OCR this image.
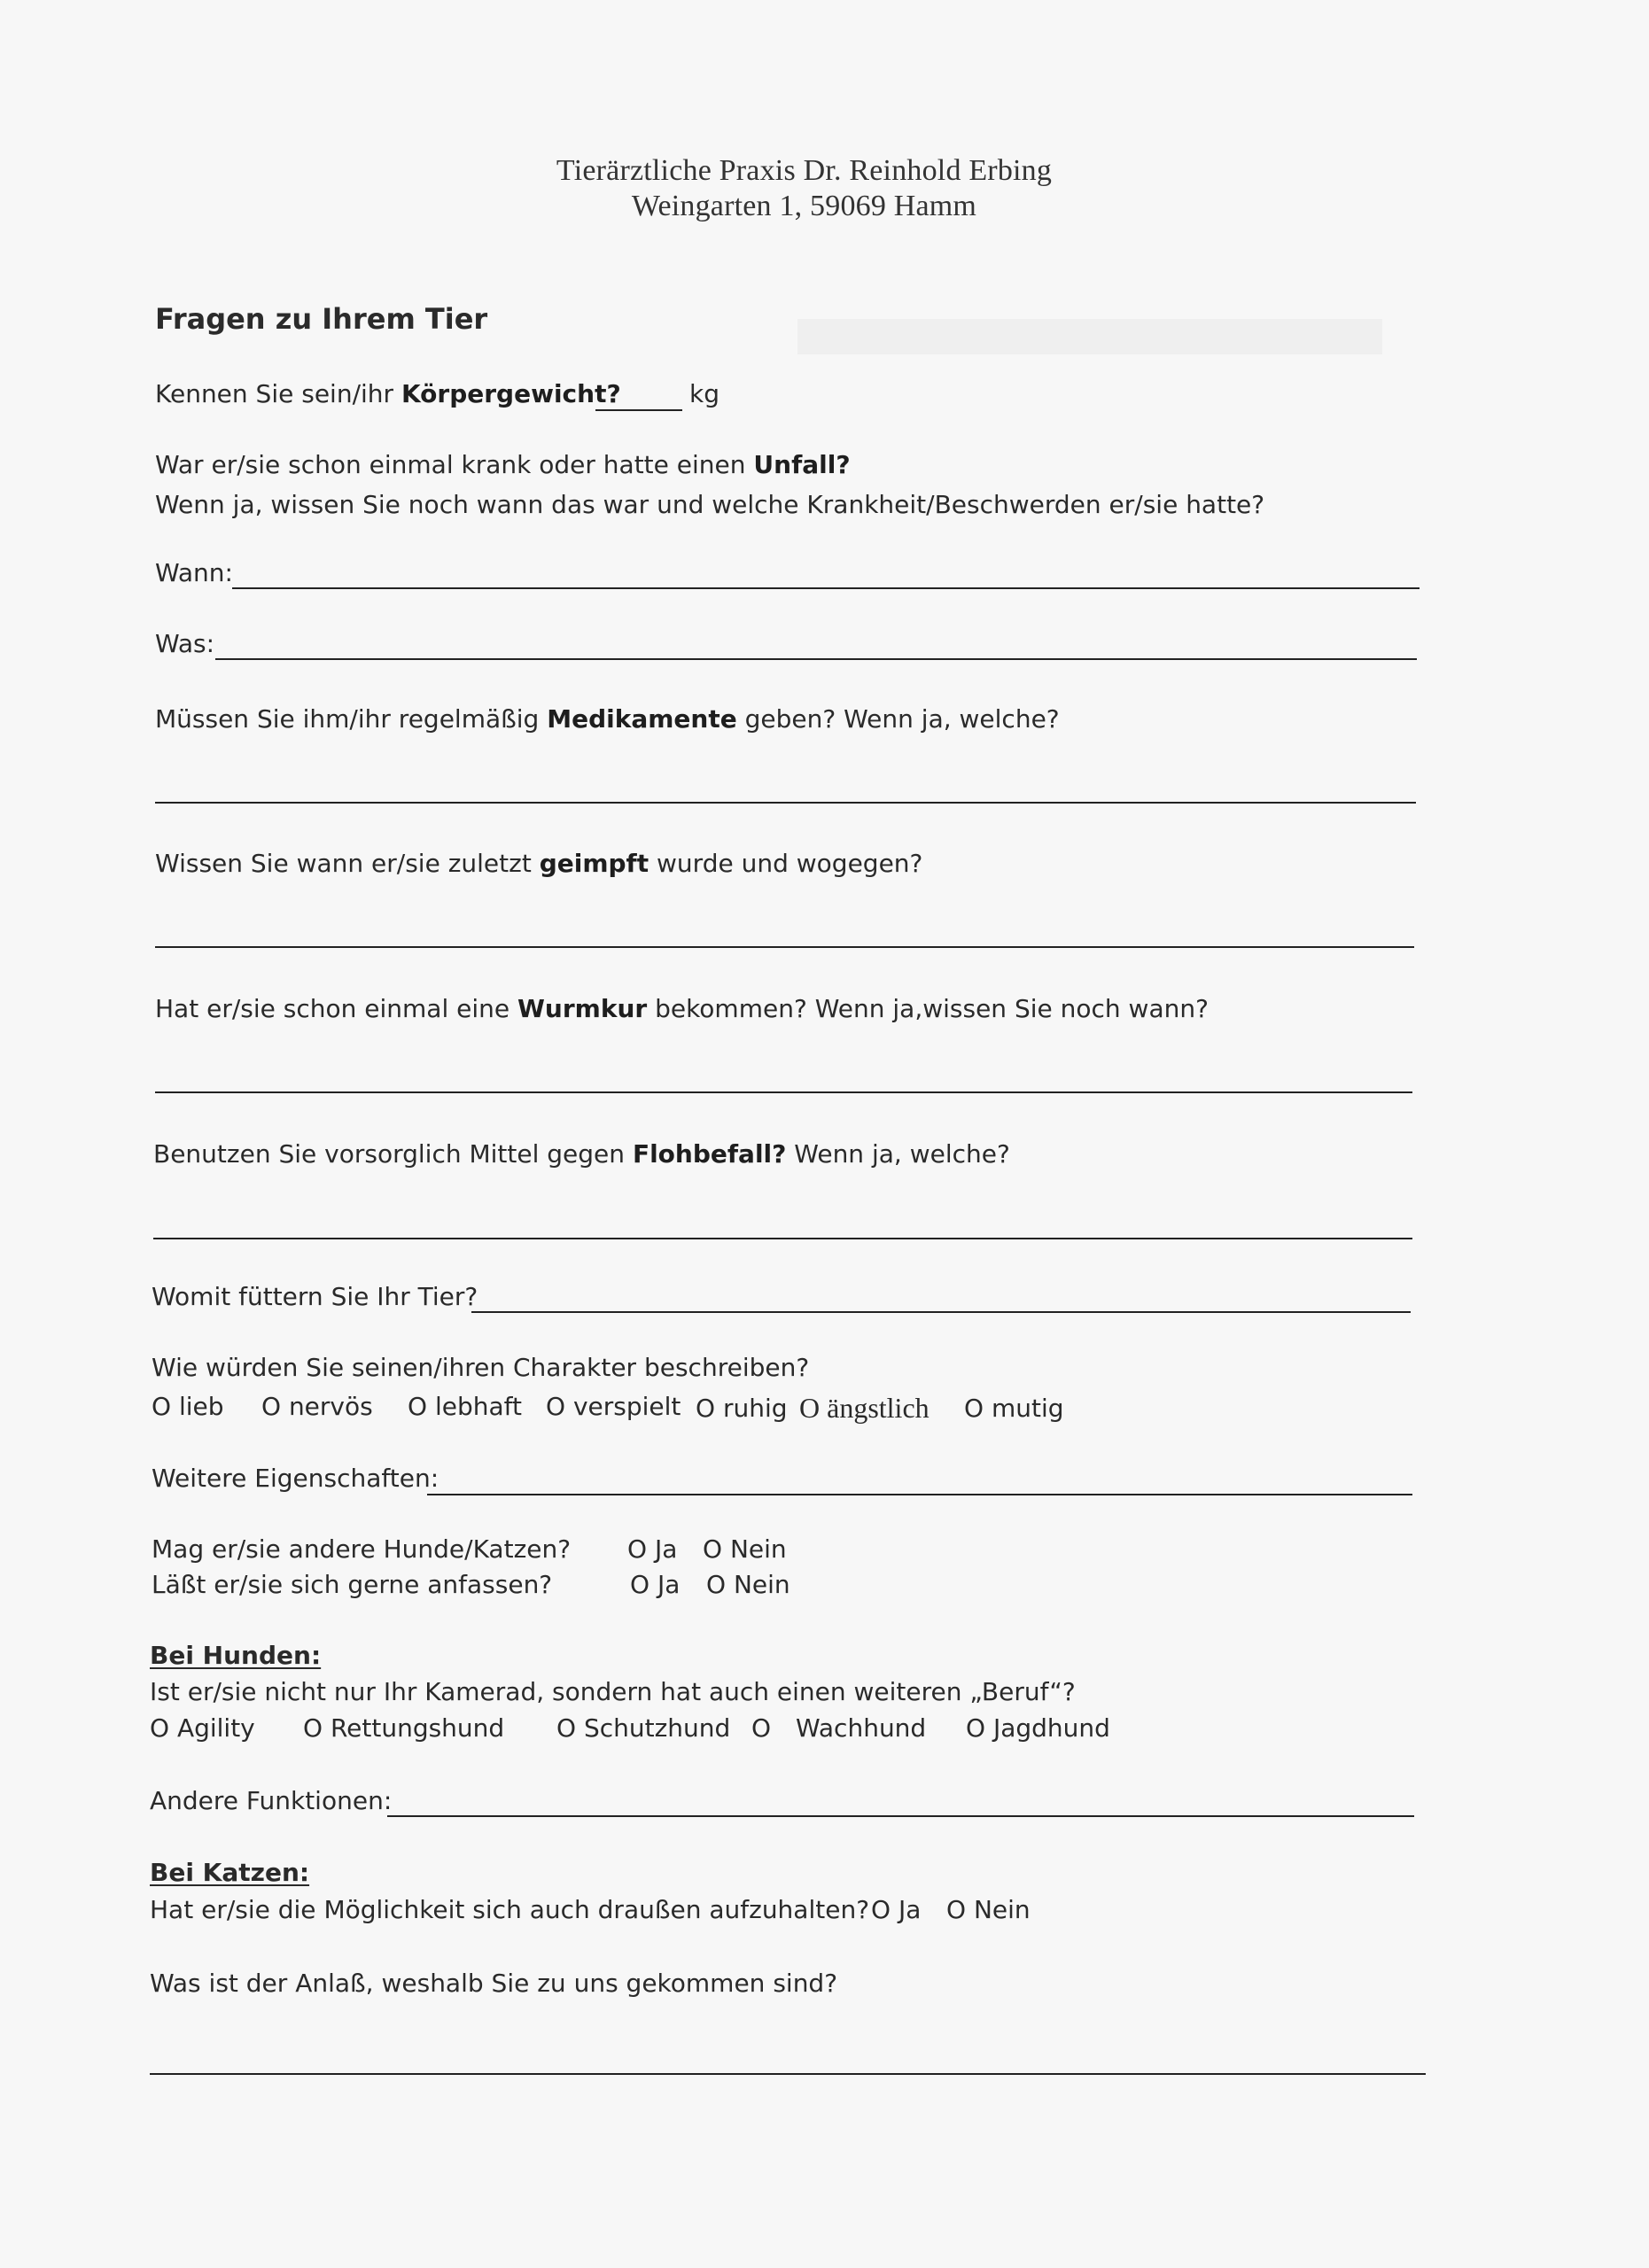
Tierärztliche Praxis Dr. Reinhold Erbing
Weingarten 1, 59069 Hamm
Fragen zu Ihrem Tier
Kennen Sie sein/ihr Körpergewicht?	kg
War er/sie schon einmal krank oder hatte einen Unfall?
Wenn ja, wissen Sie noch wann das war und welche Krankheit/Beschwerden er/sie hatte?
Wann:
Was:
Müssen Sie ihm/ihr regelmäßig Medikamente geben? Wenn ja, welche?
Wissen Sie wann er/sie zuletzt geimpft wurde und wogegen?
Hat er/sie schon einmal eine Wurmkur bekommen? Wenn ja,wissen Sie noch wann?
Benutzen Sie vorsorglich Mittel gegen Flohbefall? Wenn ja, welche?
Womit füttern Sie Ihr Tier?
Wie würden Sie seinen/ihren Charakter beschreiben?
O lieb O nervös O lebhaft O verspielt O ruhig O ängstlich O mutig
Weitere Eigenschaften:
Mag er/sie andere Hunde/Katzen? O Ja O Nein
Läßt er/sie sich gerne anfassen?	O Ja O Nein
Bei Hunden:
Ist er/sie nicht nur Ihr Kamerad, sondern hat auch einen weiteren „Beruf“?
O Agility O Rettungshund O Schutzhund O Wachhund O Jagdhund
Andere Funktionen:
Bei Katzen:
Hat er/sie die Möglichkeit sich auch draußen aufzuhalten? O Ja O Nein
Was ist der Anlaß, weshalb Sie zu uns gekommen sind?
